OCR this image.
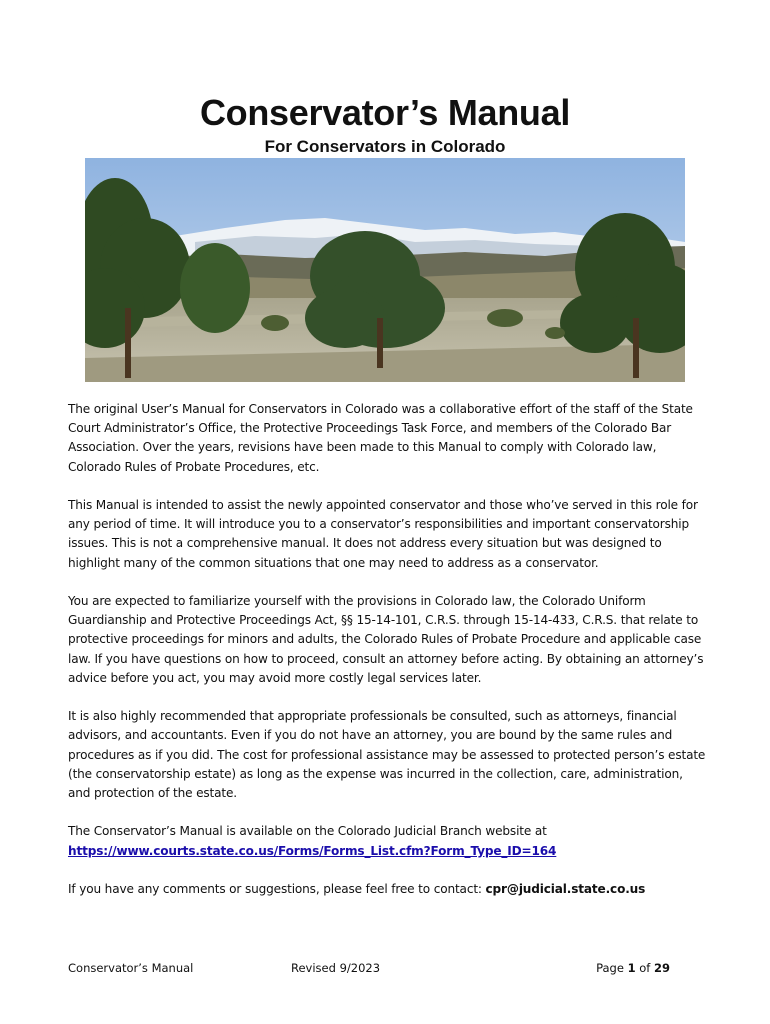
Conservator’s Manual
For Conservators in Colorado

The original User’s Manual for Conservators in Colorado was a collaborative effort of the staff of the State Court Administrator’s Office, the Protective Proceedings Task Force, and members of the Colorado Bar Association. Over the years, revisions have been made to this Manual to comply with Colorado law, Colorado Rules of Probate Procedures, etc.

This Manual is intended to assist the newly appointed conservator and those who’ve served in this role for any period of time. It will introduce you to a conservator’s responsibilities and important conservatorship issues. This is not a comprehensive manual. It does not address every situation but was designed to highlight many of the common situations that one may need to address as a conservator.

You are expected to familiarize yourself with the provisions in Colorado law, the Colorado Uniform Guardianship and Protective Proceedings Act, §§ 15-14-101, C.R.S. through 15-14-433, C.R.S. that relate to protective proceedings for minors and adults, the Colorado Rules of Probate Procedure and applicable case law. If you have questions on how to proceed, consult an attorney before acting. By obtaining an attorney’s advice before you act, you may avoid more costly legal services later.

It is also highly recommended that appropriate professionals be consulted, such as attorneys, financial advisors, and accountants. Even if you do not have an attorney, you are bound by the same rules and procedures as if you did. The cost for professional assistance may be assessed to protected person’s estate (the conservatorship estate) as long as the expense was incurred in the collection, care, administration, and protection of the estate.

The Conservator’s Manual is available on the Colorado Judicial Branch website at
https://www.courts.state.co.us/Forms/Forms_List.cfm?Form_Type_ID=164

If you have any comments or suggestions, please feel free to contact: cpr@judicial.state.co.us

Conservator’s Manual	Revised 9/2023	Page 1 of 29
